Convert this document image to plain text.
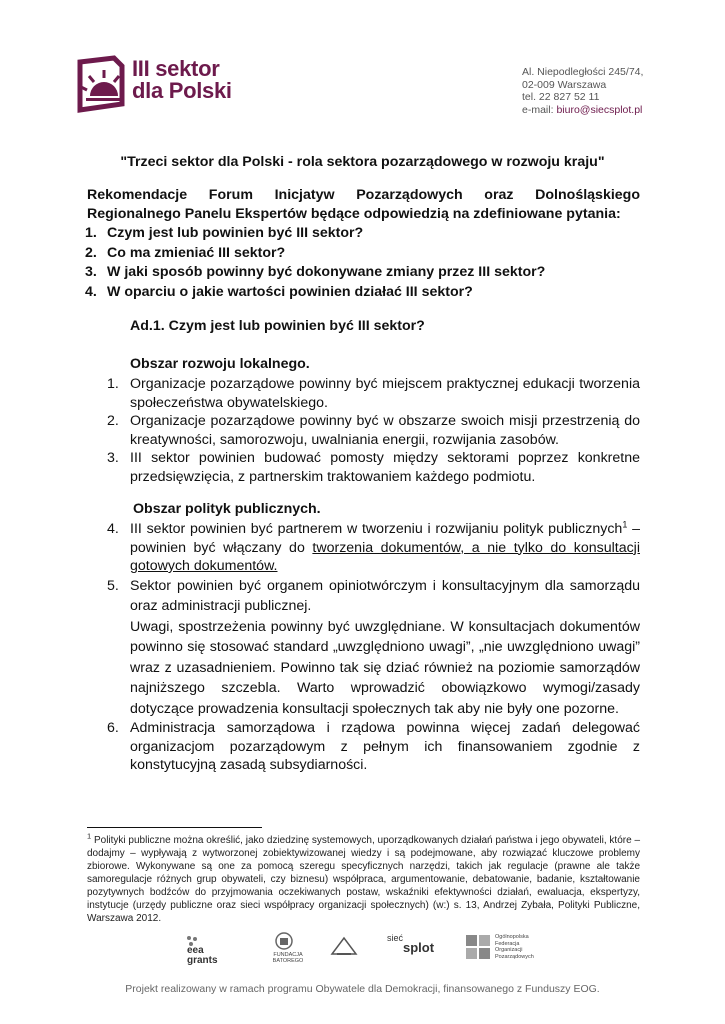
III sektor
dla Polski
Al. Niepodległości 245/74,
02-009 Warszawa
tel. 22 827 52 11
e-mail: biuro@siecsplot.pl
"Trzeci sektor dla Polski - rola sektora pozarządowego w rozwoju kraju"
Rekomendacje Forum Inicjatyw Pozarządowych oraz Dolnośląskiego
Regionalnego Panelu Ekspertów będące odpowiedzią na zdefiniowane pytania:
1. Czym jest lub powinien być III sektor?
2. Co ma zmieniać III sektor?
3. W jaki sposób powinny być dokonywane zmiany przez III sektor?
4. W oparciu o jakie wartości powinien działać III sektor?
Ad.1. Czym jest lub powinien być III sektor?
Obszar rozwoju lokalnego.
1. Organizacje pozarządowe powinny być miejscem praktycznej edukacji tworzenia społeczeństwa obywatelskiego.
2. Organizacje pozarządowe powinny być w obszarze swoich misji przestrzenią do kreatywności, samorozwoju, uwalniania energii, rozwijania zasobów.
3. III sektor powinien budować pomosty między sektorami poprzez konkretne przedsięwzięcia, z partnerskim traktowaniem każdego podmiotu.
Obszar polityk publicznych.
4. III sektor powinien być partnerem w tworzeniu i rozwijaniu polityk publicznych$^1$ – powinien być włączany do tworzenia dokumentów, a nie tylko do konsultacji gotowych dokumentów.
5. Sektor powinien być organem opiniotwórczym i konsultacyjnym dla samorządu oraz administracji publicznej.
Uwagi, spostrzeżenia powinny być uwzględniane. W konsultacjach dokumentów powinno się stosować standard „uwzględniono uwagi”, „nie uwzględniono uwagi” wraz z uzasadnieniem. Powinno tak się dziać również na poziomie samorządów najniższego szczebla. Warto wprowadzić obowiązkowo wymogi/zasady dotyczące prowadzenia konsultacji społecznych tak aby nie były one pozorne.
6. Administracja samorządowa i rządowa powinna więcej zadań delegować organizacjom pozarządowym z pełnym ich finansowaniem zgodnie z konstytucyjną zasadą subsydiarności.
$^1$ Polityki publiczne można określić, jako dziedzinę systemowych, uporządkowanych działań państwa i jego obywateli, które – dodajmy – wypływają z wytworzonej zobiektywizowanej wiedzy i są podejmowane, aby rozwiązać kluczowe problemy zbiorowe. Wykonywane są one za pomocą szeregu specyficznych narzędzi, takich jak regulacje (prawne ale także samoregulacje różnych grup obywateli, czy biznesu) współpraca, argumentowanie, debatowanie, badanie, kształtowanie pozytywnych bodźców do przyjmowania oczekiwanych postaw, wskaźniki efektywności działań, ewaluacja, ekspertyzy, instytucje (urzędy publiczne oraz sieci współpracy organizacji społecznych) (w:) s. 13, Andrzej Zybała, Polityki Publiczne, Warszawa 2012.
eea grants	FUNDACJA BATOREGO
sieć
splot
Ogólnopolska Federacja Organizacji Pozarządowych
Projekt realizowany w ramach programu Obywatele dla Demokracji, finansowanego z Funduszy EOG.
